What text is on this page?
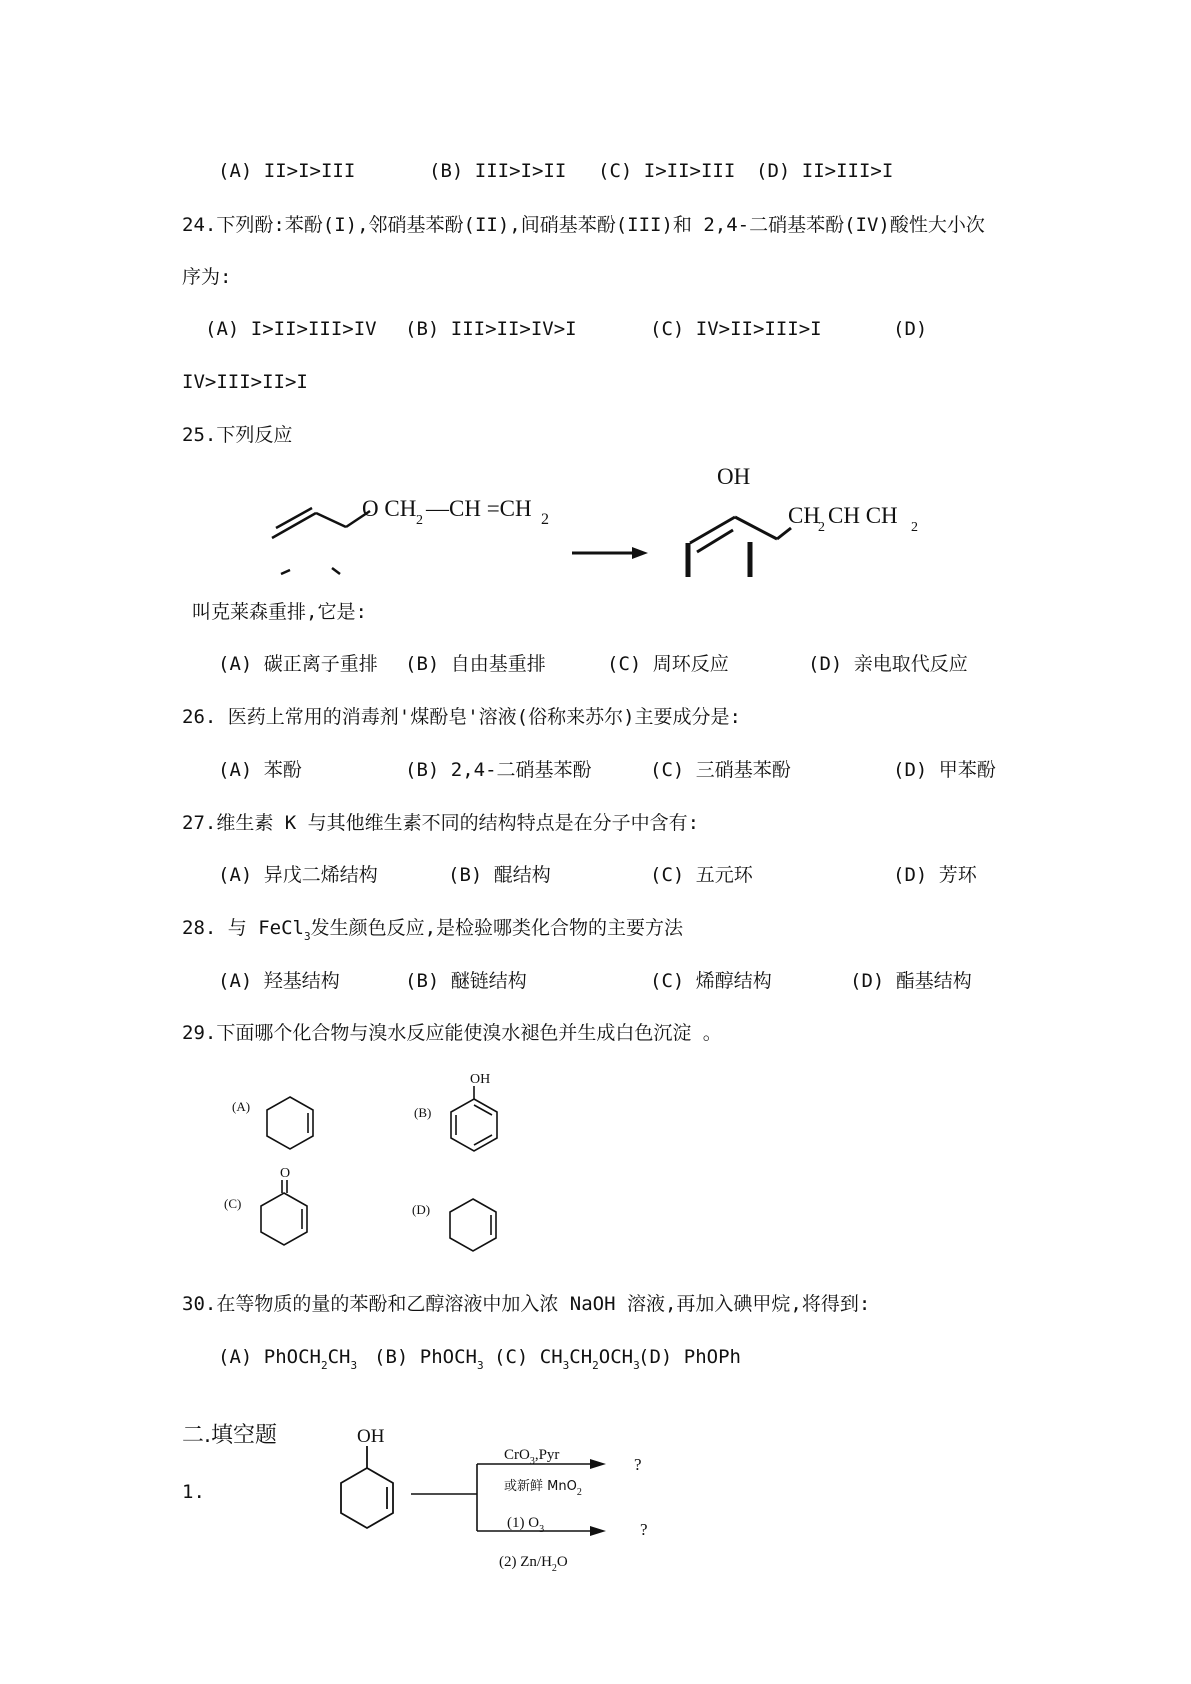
(A) II>I>III	(B) III>I>II (C) I>II>III (D) II>III>I
24.下列酚:苯酚(I),邻硝基苯酚(II),间硝基苯酚(III)和 2,4-二硝基苯酚(IV)酸性大小次
序为:
(A) I>II>III>IV (B) III>II>IV>I	(C) IV>II>III>I	(D)
IV>III>II>I
25.下列反应
O CH 2 —CH =CH 2
OH
CH
2 CH CH 2
叫克莱森重排,它是:
(A) 碳正离子重排 (B) 自由基重排	(C) 周环反应	(D) 亲电取代反应
26. 医药上常用的消毒剂'煤酚皂'溶液(俗称来苏尔)主要成分是:
(A) 苯酚	(B) 2,4-二硝基苯酚	(C) 三硝基苯酚	(D) 甲苯酚
27.维生素 K 与其他维生素不同的结构特点是在分子中含有:
(A) 异戊二烯结构	(B) 醌结构	(C) 五元环	(D) 芳环
28. 与 FeCl$_3$发生颜色反应,是检验哪类化合物的主要方法
(A) 羟基结构	(B) 醚链结构	(C) 烯醇结构	(D) 酯基结构
29.下面哪个化合物与溴水反应能使溴水褪色并生成白色沉淀 。
(A)	(B)
OH
(C)
O
(D)
30.在等物质的量的苯酚和乙醇溶液中加入浓 NaOH 溶液,再加入碘甲烷,将得到:
(A) $PhOCH_2CH_3$ (B) PhOCH$_3$ (C) $CH_3CH_2OCH_3$
(D) PhOPh
二.填空题
1.
OH
CrO$_3$,Pyr
或新鲜 MnO$_2$
(1) $O_3$
(2) $Zn/H_2O$
?
?
